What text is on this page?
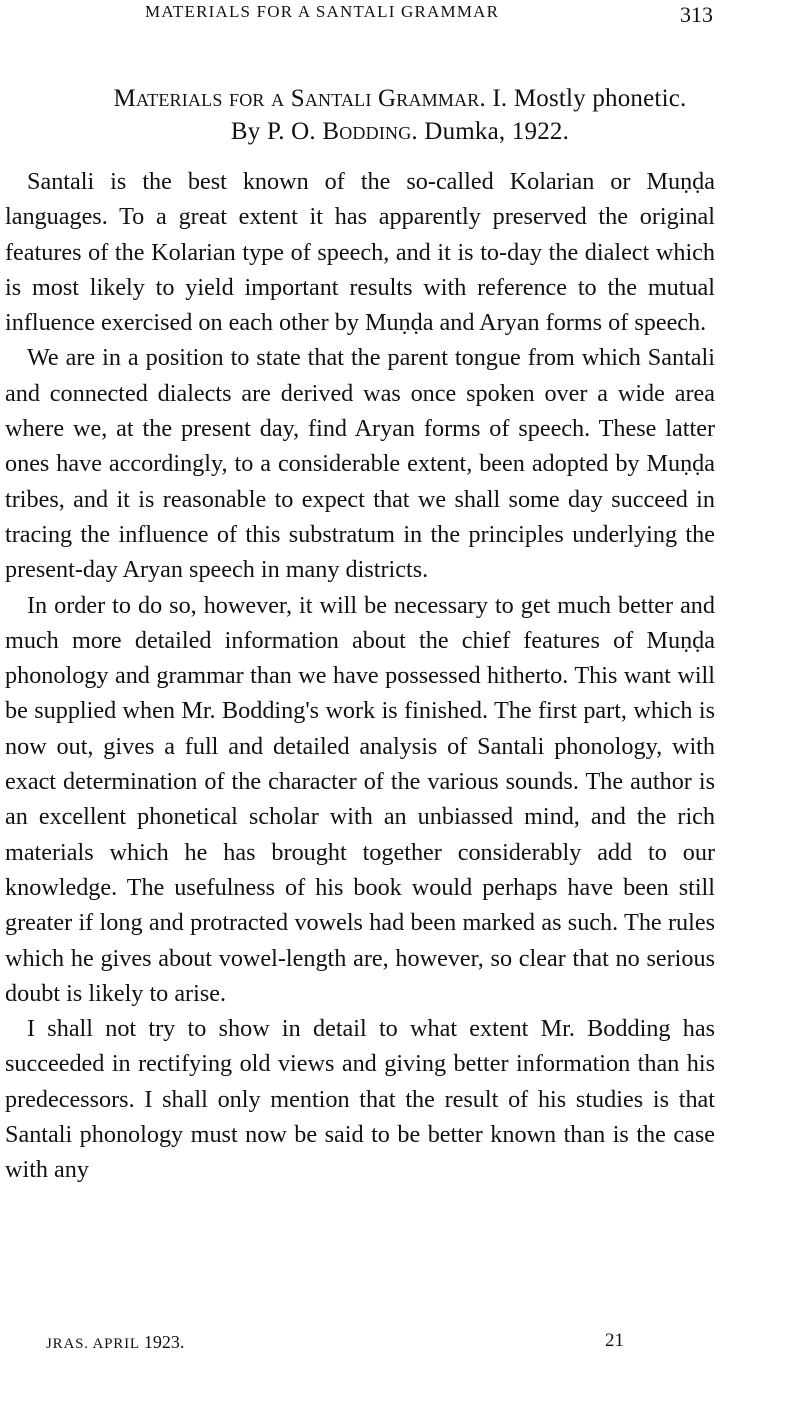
MATERIALS FOR A SANTALI GRAMMAR	313
Materials for a Santali Grammar. I. Mostly phonetic.
By P. O. Bodding. Dumka, 1922.

Santali is the best known of the so-called Kolarian or Muṇḍa languages. To a great extent it has apparently preserved the original features of the Kolarian type of speech, and it is to-day the dialect which is most likely to yield important results with reference to the mutual influence exercised on each other by Muṇḍa and Aryan forms of speech.

We are in a position to state that the parent tongue from which Santali and connected dialects are derived was once spoken over a wide area where we, at the present day, find Aryan forms of speech. These latter ones have accordingly, to a considerable extent, been adopted by Muṇḍa tribes, and it is reasonable to expect that we shall some day succeed in tracing the influence of this substratum in the principles underlying the present-day Aryan speech in many districts.

In order to do so, however, it will be necessary to get much better and much more detailed information about the chief features of Muṇḍa phonology and grammar than we have possessed hitherto. This want will be supplied when Mr. Bodding's work is finished. The first part, which is now out, gives a full and detailed analysis of Santali phonology, with exact determination of the character of the various sounds. The author is an excellent phonetical scholar with an unbiassed mind, and the rich materials which he has brought together considerably add to our knowledge. The usefulness of his book would perhaps have been still greater if long and protracted vowels had been marked as such. The rules which he gives about vowel-length are, however, so clear that no serious doubt is likely to arise.

I shall not try to show in detail to what extent Mr. Bodding has succeeded in rectifying old views and giving better information than his predecessors. I shall only mention that the result of his studies is that Santali phonology must now be said to be better known than is the case with any

JRAS. APRIL 1923.	21
